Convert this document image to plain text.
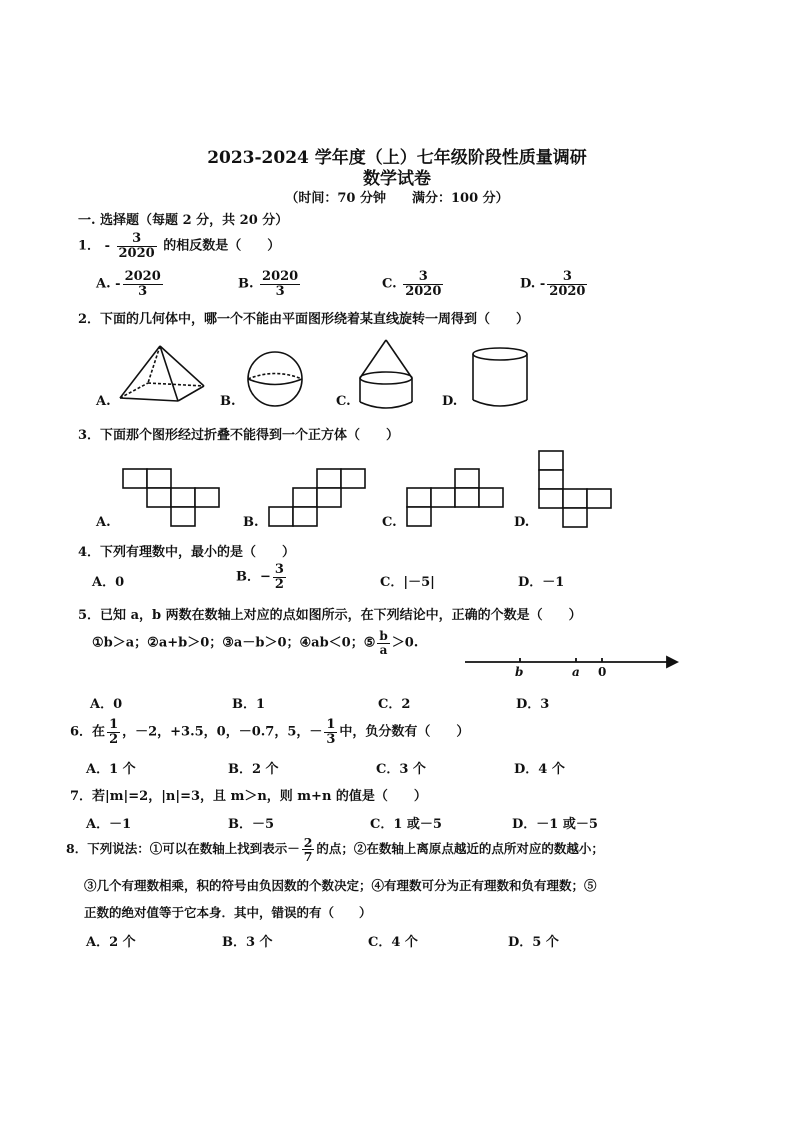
2023-2024 学年度（上）七年级阶段性质量调研
数学试卷
（时间：70 分钟　　满分：100 分）
一. 选择题（每题 2 分，共 20 分）
1． - $\frac{3}{2020}$ 的相反数是（　　）
A. - $\frac{2020}{3}$	B. $\frac{2020}{3}$	C. $\frac{3}{2020}$	D. - $\frac{3}{2020}$
2．下面的几何体中，哪一个不能由平面图形绕着某直线旋转一周得到（　　）
A.	B.	C.	D.
3．下面那个图形经过折叠不能得到一个正方体（　　）
A.	B.	C.	D.
4．下列有理数中，最小的是（　　）
A．0	B．− $\frac{3}{2}$	C．|－5|	D．－1
5．已知 a，b 两数在数轴上对应的点如图所示，在下列结论中，正确的个数是（　　）
①b＞a；②a+b＞0；③a－b＞0；④ab＜0；⑤ $\frac{b}{a} >0$.
b	a 0
A．0	B．1	C．2	D．3
6．在 $\frac{1}{2}$ ，－2，+3.5，0，－0.7，5，－ $\frac{1}{3}$ 中，负分数有（　　）
A．1 个	B．2 个	C．3 个	D．4 个
7．若|m|=2，|n|=3，且 m＞n，则 m+n 的值是（　　）
A．－1	B．－5	C．1 或－5	D．－1 或－5
8．下列说法：①可以在数轴上找到表示－ $\frac{2}{7}$ 的点；②在数轴上离原点越近的点所对应的数越小；
③几个有理数相乘，积的符号由负因数的个数决定；④有理数可分为正有理数和负有理数；⑤
正数的绝对值等于它本身．其中，错误的有（　　）
A．2 个	B．3 个	C．4 个	D．5 个
